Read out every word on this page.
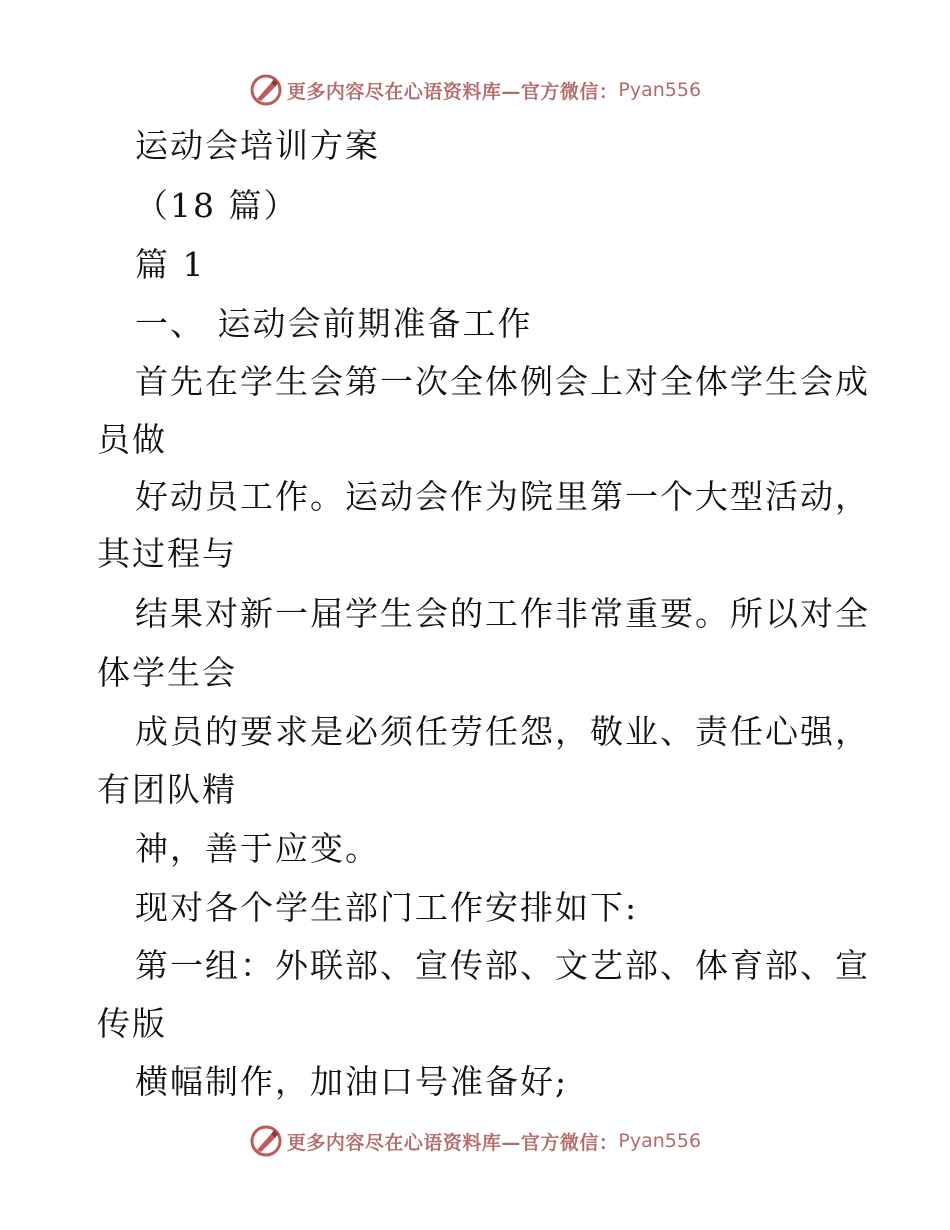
更多内容尽在心语资料库—官方微信： Pyan556
运动会培训方案
（18 篇）
篇 1
一、 运动会前期准备工作
首先在学生会第一次全体例会上对全体学生会成
员做
好动员工作。运动会作为院里第一个大型活动，
其过程与
结果对新一届学生会的工作非常重要。所以对全
体学生会
成员的要求是必须任劳任怨，敬业、责任心强，
有团队精
神，善于应变。
现对各个学生部门工作安排如下:
第一组：外联部、宣传部、文艺部、体育部、宣
传版
横幅制作，加油口号准备好;
更多内容尽在心语资料库—官方微信： Pyan556
